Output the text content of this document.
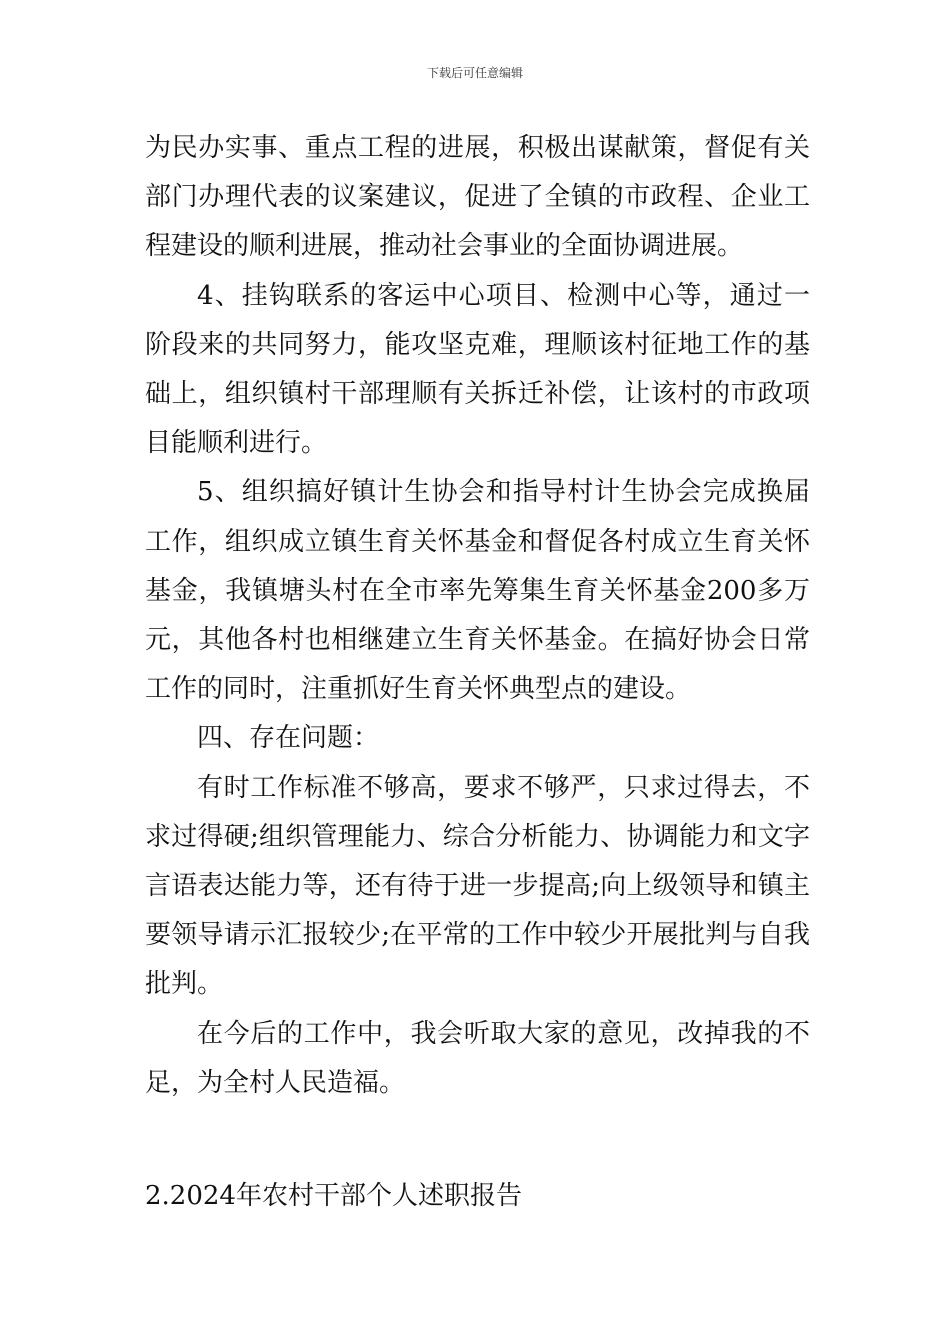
下载后可任意编辑

为民办实事、重点工程的进展，积极出谋献策，督促有关部门办理代表的议案建议，促进了全镇的市政程、企业工程建设的顺利进展，推动社会事业的全面协调进展。

4、挂钩联系的客运中心项目、检测中心等，通过一阶段来的共同努力，能攻坚克难，理顺该村征地工作的基础上，组织镇村干部理顺有关拆迁补偿，让该村的市政项目能顺利进行。

5、组织搞好镇计生协会和指导村计生协会完成换届工作，组织成立镇生育关怀基金和督促各村成立生育关怀基金，我镇塘头村在全市率先筹集生育关怀基金200多万元，其他各村也相继建立生育关怀基金。在搞好协会日常工作的同时，注重抓好生育关怀典型点的建设。

四、存在问题：

有时工作标准不够高，要求不够严，只求过得去，不求过得硬;组织管理能力、综合分析能力、协调能力和文字言语表达能力等，还有待于进一步提高;向上级领导和镇主要领导请示汇报较少;在平常的工作中较少开展批判与自我批判。

在今后的工作中，我会听取大家的意见，改掉我的不足，为全村人民造福。

2.2024年农村干部个人述职报告
